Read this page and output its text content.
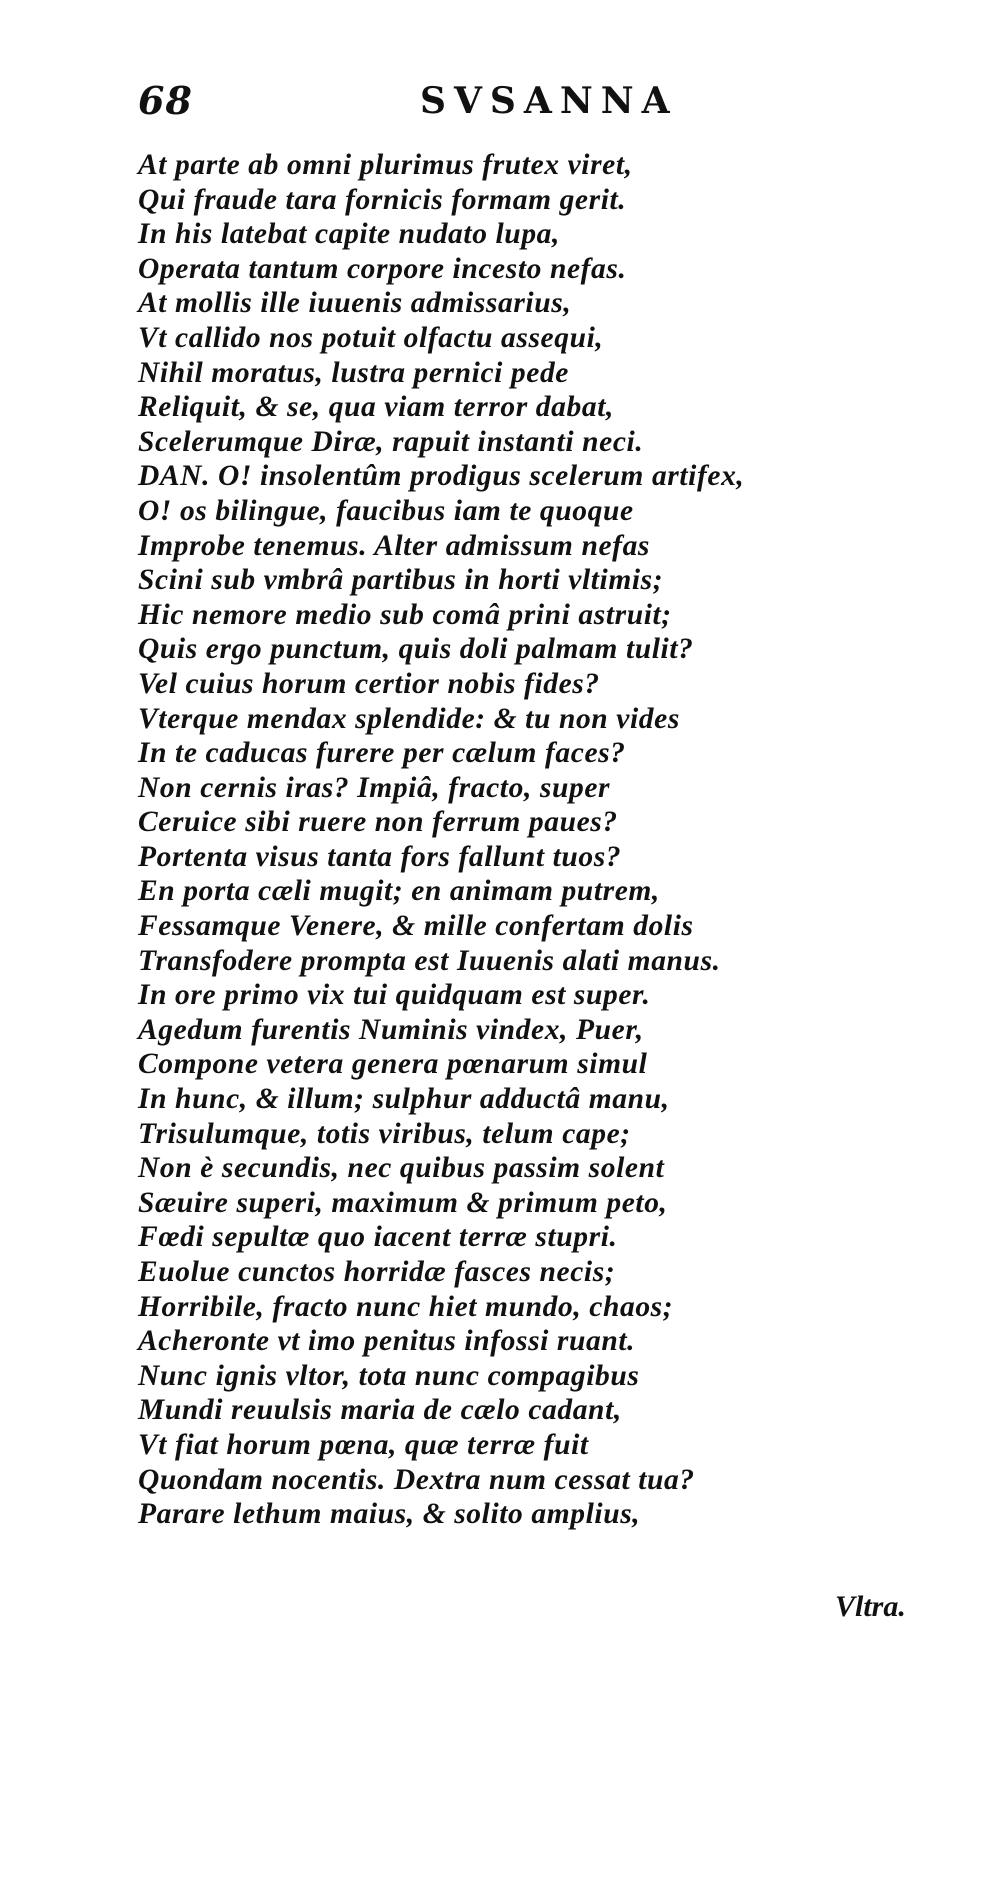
68	SVSANNA
At parte ab omni plurimus frutex viret,
Qui fraude tara fornicis formam gerit.
In his latebat capite nudato lupa,
Operata tantum corpore incesto nefas.
At mollis ille iuuenis admissarius,
Vt callido nos potuit olfactu assequi,
Nihil moratus, lustra pernici pede
Reliquit, & se, qua viam terror dabat,
Scelerumque Diræ, rapuit instanti neci.
DAN. O! insolentûm prodigus scelerum artifex,
O! os bilingue, faucibus iam te quoque
Improbe tenemus. Alter admissum nefas
Scini sub vmbrâ partibus in horti vltimis;
Hic nemore medio sub comâ prini astruit;
Quis ergo punctum, quis doli palmam tulit?
Vel cuius horum certior nobis fides?
Vterque mendax splendide: & tu non vides
In te caducas furere per cælum faces?
Non cernis iras? Impiâ, fracto, super
Ceruice sibi ruere non ferrum paues?
Portenta visus tanta fors fallunt tuos?
En porta cæli mugit; en animam putrem,
Fessamque Venere, & mille confertam dolis
Transfodere prompta est Iuuenis alati manus.
In ore primo vix tui quidquam est super.
Agedum furentis Numinis vindex, Puer,
Compone vetera genera pœnarum simul
In hunc, & illum; sulphur adductâ manu,
Trisulumque, totis viribus, telum cape;
Non è secundis, nec quibus passim solent
Sæuire superi, maximum & primum peto,
Fœdi sepultæ quo iacent terræ stupri.
Euolue cunctos horridæ fasces necis;
Horribile, fracto nunc hiet mundo, chaos;
Acheronte vt imo penitus infossi ruant.
Nunc ignis vltor, tota nunc compagibus
Mundi reuulsis maria de cælo cadant,
Vt fiat horum pœna, quæ terræ fuit
Quondam nocentis. Dextra num cessat tua?
Parare lethum maius, & solito amplius,
Vltra.
